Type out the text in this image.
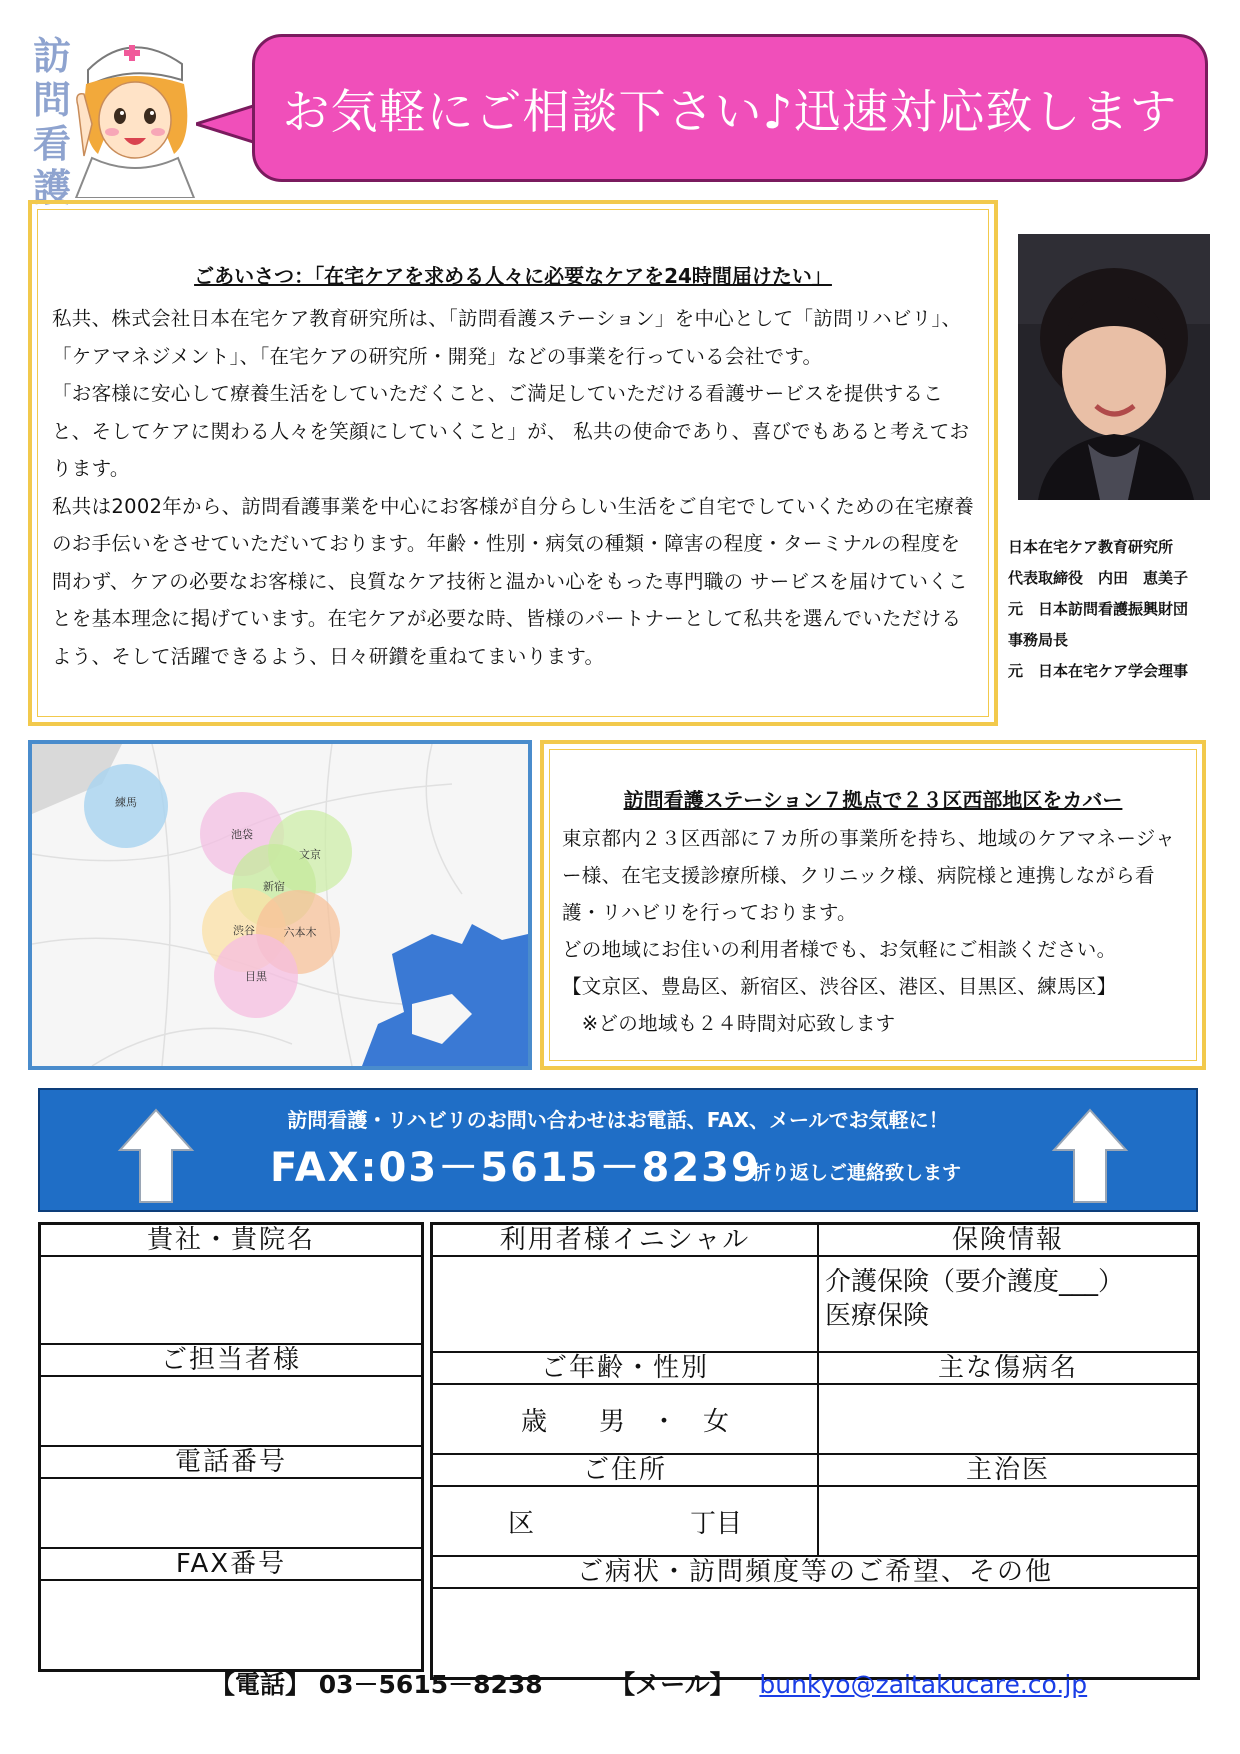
訪
問
看
護
お気軽にご相談下さい♪迅速対応致します
ごあいさつ：「在宅ケアを求める人々に必要なケアを24時間届けたい」

私共、株式会社日本在宅ケア教育研究所は、「訪問看護ステーション」を中心として「訪問リハビリ」、「ケアマネジメント」、「在宅ケアの研究所・開発」などの事業を行っている会社です。

「お客様に安心して療養生活をしていただくこと、ご満足していただける看護サービスを提供すること、そしてケアに関わる人々を笑顔にしていくこと」が、 私共の使命であり、喜びでもあると考えております。

私共は2002年から、訪問看護事業を中心にお客様が自分らしい生活をご自宅でしていくための在宅療養のお手伝いをさせていただいております。年齢・性別・病気の種類・障害の程度・ターミナルの程度を問わず、ケアの必要なお客様に、良質なケア技術と温かい心をもった専門職の サービスを届けていくことを基本理念に掲げています。在宅ケアが必要な時、皆様のパートナーとして私共を選んでいただけるよう、そして活躍できるよう、日々研鑚を重ねてまいります。

日本在宅ケア教育研究所
代表取締役　内田　恵美子
元　日本訪問看護振興財団
事務局長
元　日本在宅ケア学会理事
練馬
池袋
文京
新宿
渋谷	六本木
目黒
訪問看護ステーション７拠点で２３区西部地区をカバー

東京都内２３区西部に７カ所の事業所を持ち、地域のケアマネージャー様、在宅支援診療所様、クリニック様、病院様と連携しながら看護・リハビリを行っております。

どの地域にお住いの利用者様でも、お気軽にご相談ください。

【文京区、豊島区、新宿区、渋谷区、港区、目黒区、練馬区】

　※どの地域も２４時間対応致します

訪問看護・リハビリのお問い合わせはお電話、FAX、メールでお気軽に！
FAX:03－5615－8239
折り返しご連絡致します
貴社・貴院名

ご担当者様

電話番号

FAX番号

利用者様イニシャル	保険情報

	介護保険（要介護度___）
医療保険

ご年齢・性別	主な傷病名
歳　　男　・　女	
ご住所	主治医
区　　　　　　丁目	
ご病状・訪問頻度等のご希望、その他	

【電話】 03－5615－8238	【メール】 bunkyo@zaitakucare.co.jp
